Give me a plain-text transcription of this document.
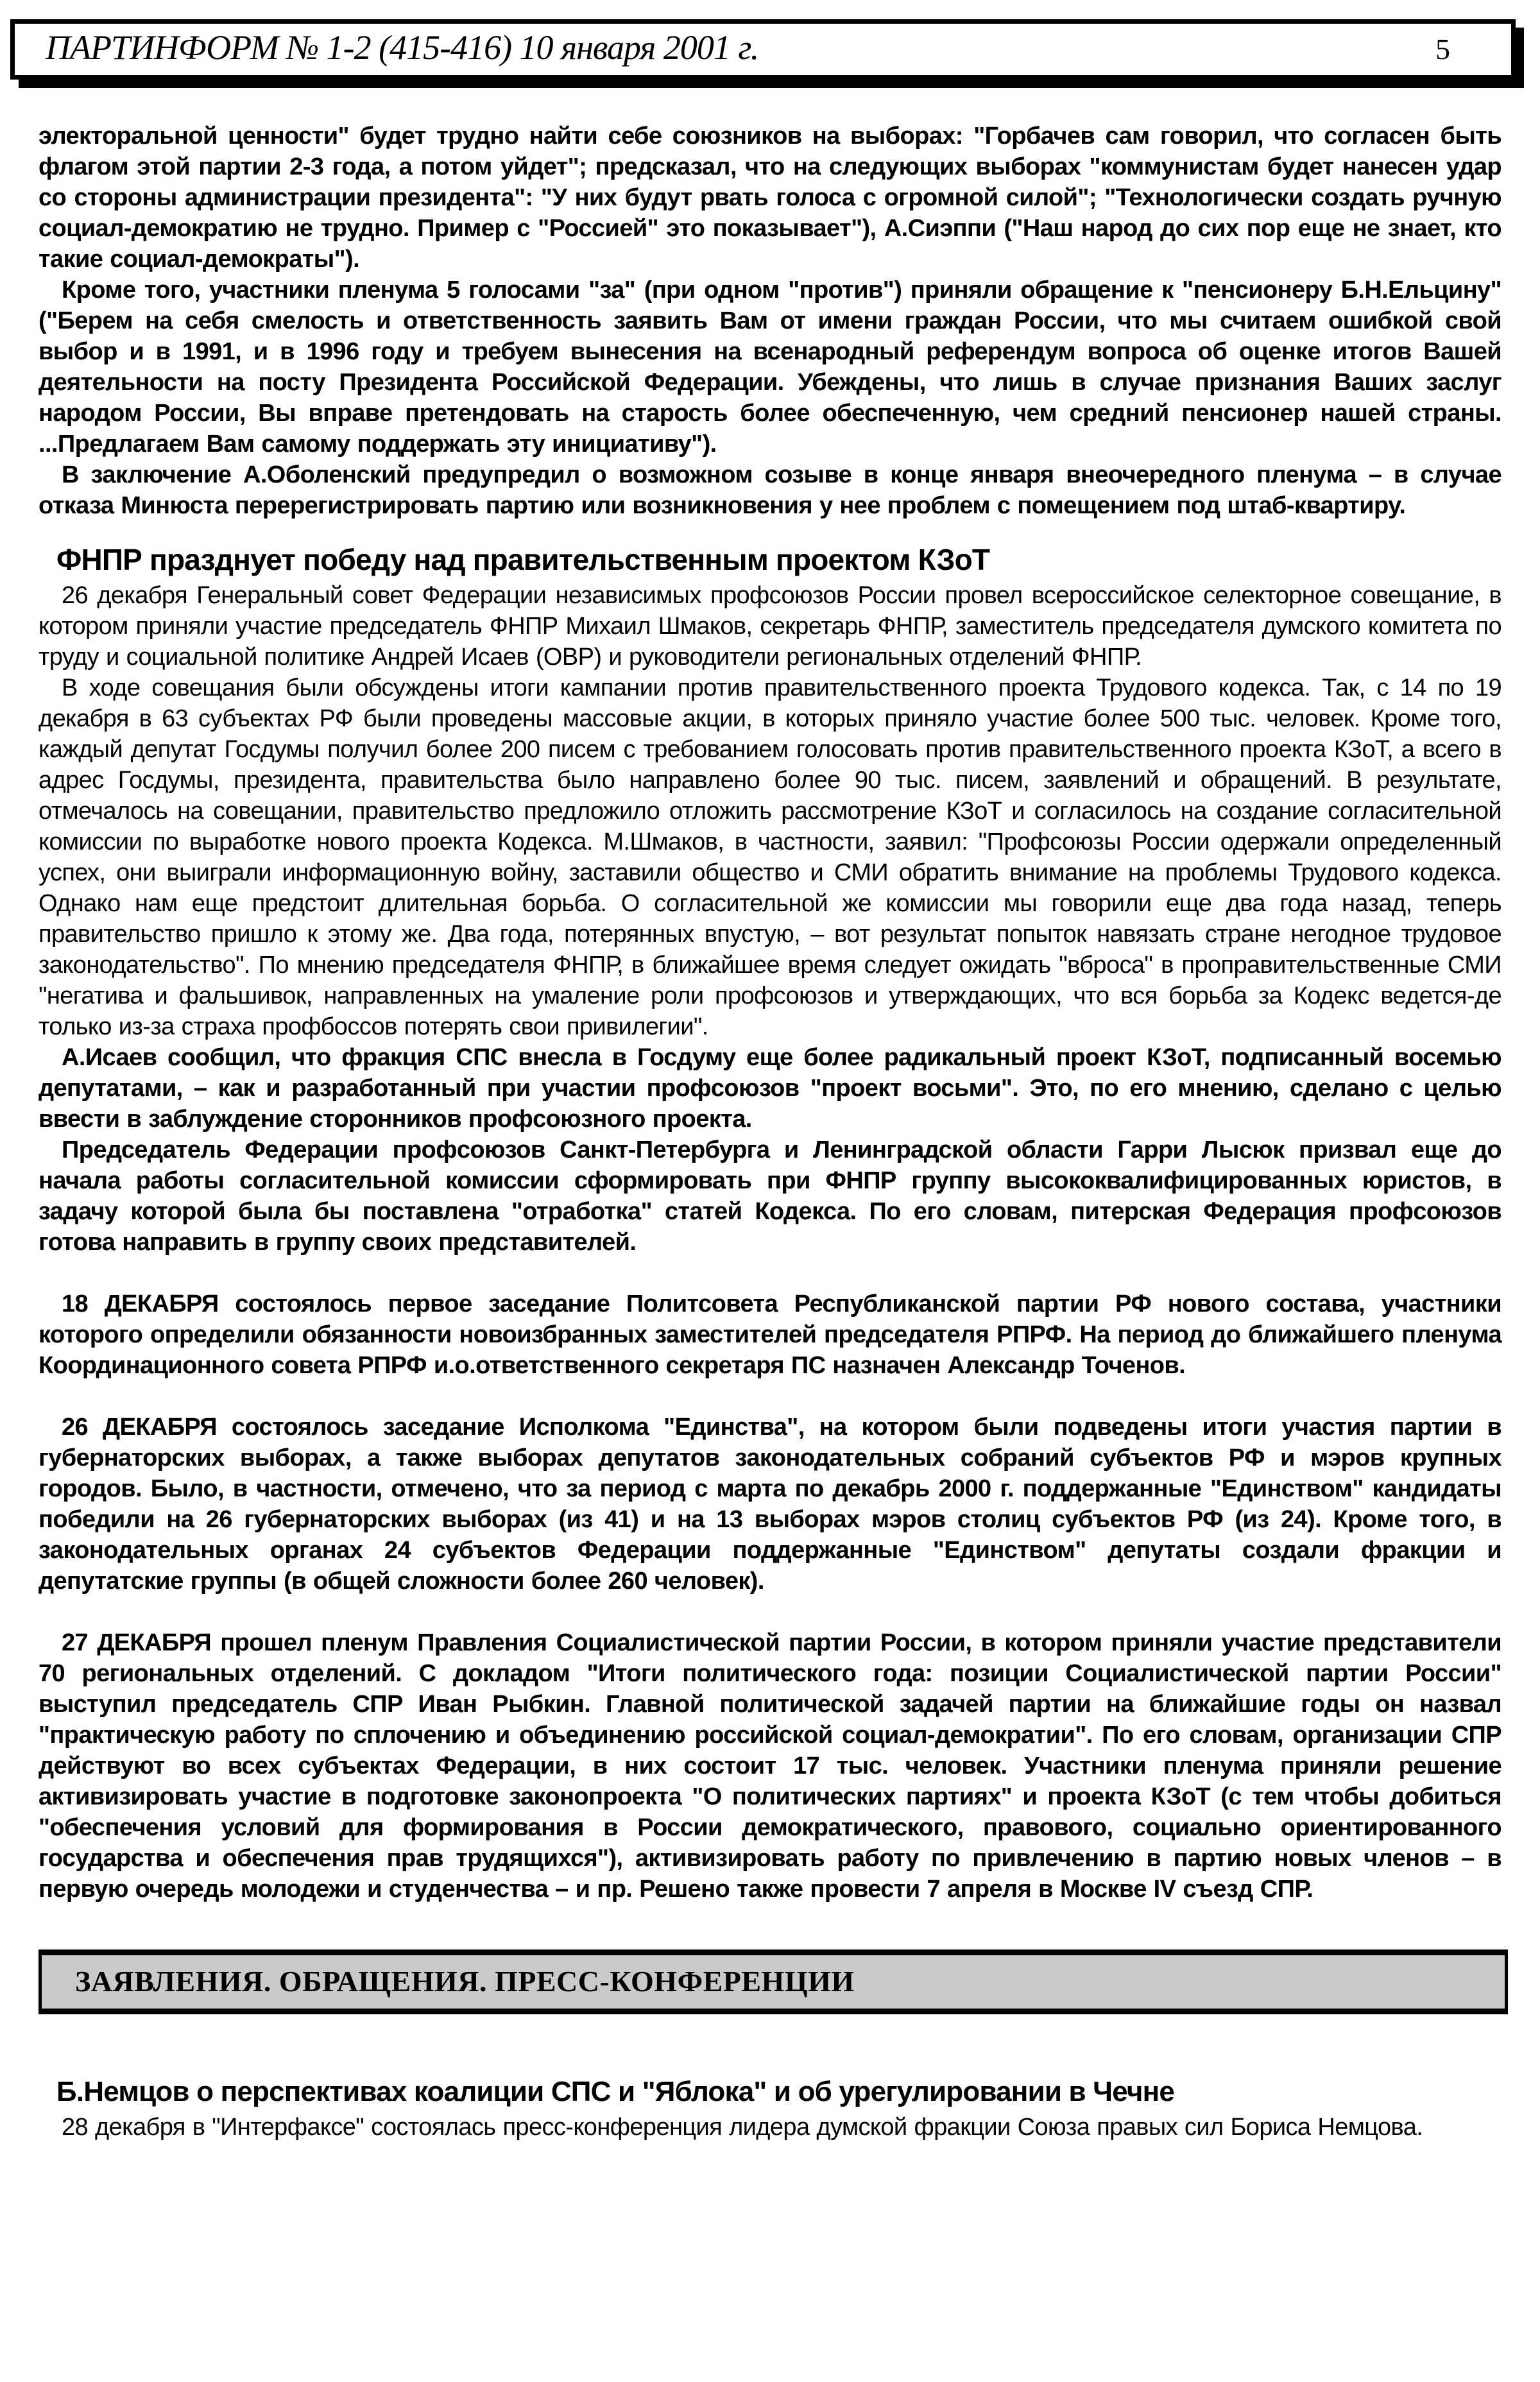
ПАРТИНФОРМ № 1-2 (415-416) 10 января 2001 г.	5

электоральной ценности" будет трудно найти себе союзников на выборах: "Горбачев сам говорил, что согласен быть флагом этой партии 2-3 года, а потом уйдет"; предсказал, что на следующих выборах "коммунистам будет нанесен удар со стороны администрации президента": "У них будут рвать голоса с огромной силой"; "Технологически создать ручную социал-демократию не трудно. Пример с "Россией" это показывает"), А.Сиэппи ("Наш народ до сих пор еще не знает, кто такие социал-демократы").

Кроме того, участники пленума 5 голосами "за" (при одном "против") приняли обращение к "пенсионеру Б.Н.Ельцину" ("Берем на себя смелость и ответственность заявить Вам от имени граждан России, что мы считаем ошибкой свой выбор и в 1991, и в 1996 году и требуем вынесения на всенародный референдум вопроса об оценке итогов Вашей деятельности на посту Президента Российской Федерации. Убеждены, что лишь в случае признания Ваших заслуг народом России, Вы вправе претендовать на старость более обеспеченную, чем средний пенсионер нашей страны. ...Предлагаем Вам самому поддержать эту инициативу").

В заключение А.Оболенский предупредил о возможном созыве в конце января внеочередного пленума – в случае отказа Минюста перерегистрировать партию или возникновения у нее проблем с помещением под штаб-квартиру.

ФНПР празднует победу над правительственным проектом КЗоТ

26 декабря Генеральный совет Федерации независимых профсоюзов России провел всероссийское селекторное совещание, в котором приняли участие председатель ФНПР Михаил Шмаков, секретарь ФНПР, заместитель председателя думского комитета по труду и социальной политике Андрей Исаев (ОВР) и руководители региональных отделений ФНПР.

В ходе совещания были обсуждены итоги кампании против правительственного проекта Трудового кодекса. Так, с 14 по 19 декабря в 63 субъектах РФ были проведены массовые акции, в которых приняло участие более 500 тыс. человек. Кроме того, каждый депутат Госдумы получил более 200 писем с требованием голосовать против правительственного проекта КЗоТ, а всего в адрес Госдумы, президента, правительства было направлено более 90 тыс. писем, заявлений и обращений. В результате, отмечалось на совещании, правительство предложило отложить рассмотрение КЗоТ и согласилось на создание согласительной комиссии по выработке нового проекта Кодекса. М.Шмаков, в частности, заявил: "Профсоюзы России одержали определенный успех, они выиграли информационную войну, заставили общество и СМИ обратить внимание на проблемы Трудового кодекса. Однако нам еще предстоит длительная борьба. О согласительной же комиссии мы говорили еще два года назад, теперь правительство пришло к этому же. Два года, потерянных впустую, – вот результат попыток навязать стране негодное трудовое законодательство". По мнению председателя ФНПР, в ближайшее время следует ожидать "вброса" в проправительственные СМИ "негатива и фальшивок, направленных на умаление роли профсоюзов и утверждающих, что вся борьба за Кодекс ведется-де только из-за страха профбоссов потерять свои привилегии".

А.Исаев сообщил, что фракция СПС внесла в Госдуму еще более радикальный проект КЗоТ, подписанный восемью депутатами, – как и разработанный при участии профсоюзов "проект восьми". Это, по его мнению, сделано с целью ввести в заблуждение сторонников профсоюзного проекта.

Председатель Федерации профсоюзов Санкт-Петербурга и Ленинградской области Гарри Лысюк призвал еще до начала работы согласительной комиссии сформировать при ФНПР группу высококвалифицированных юристов, в задачу которой была бы поставлена "отработка" статей Кодекса. По его словам, питерская Федерация профсоюзов готова направить в группу своих представителей.

18 ДЕКАБРЯ состоялось первое заседание Политсовета Республиканской партии РФ нового состава, участники которого определили обязанности новоизбранных заместителей председателя РПРФ. На период до ближайшего пленума Координационного совета РПРФ и.о.ответственного секретаря ПС назначен Александр Точенов.

26 ДЕКАБРЯ состоялось заседание Исполкома "Единства", на котором были подведены итоги участия партии в губернаторских выборах, а также выборах депутатов законодательных собраний субъектов РФ и мэров крупных городов. Было, в частности, отмечено, что за период с марта по декабрь 2000 г. поддержанные "Единством" кандидаты победили на 26 губернаторских выборах (из 41) и на 13 выборах мэров столиц субъектов РФ (из 24). Кроме того, в законодательных органах 24 субъектов Федерации поддержанные "Единством" депутаты создали фракции и депутатские группы (в общей сложности более 260 человек).

27 ДЕКАБРЯ прошел пленум Правления Социалистической партии России, в котором приняли участие представители 70 региональных отделений. С докладом "Итоги политического года: позиции Социалистической партии России" выступил председатель СПР Иван Рыбкин. Главной политической задачей партии на ближайшие годы он назвал "практическую работу по сплочению и объединению российской социал-демократии". По его словам, организации СПР действуют во всех субъектах Федерации, в них состоит 17 тыс. человек. Участники пленума приняли решение активизировать участие в подготовке законопроекта "О политических партиях" и проекта КЗоТ (с тем чтобы добиться "обеспечения условий для формирования в России демократического, правового, социально ориентированного государства и обеспечения прав трудящихся"), активизировать работу по привлечению в партию новых членов – в первую очередь молодежи и студенчества – и пр. Решено также провести 7 апреля в Москве IV съезд СПР.

ЗАЯВЛЕНИЯ. ОБРАЩЕНИЯ. ПРЕСС-КОНФЕРЕНЦИИ
Б.Немцов о перспективах коалиции СПС и "Яблока" и об урегулировании в Чечне

28 декабря в "Интерфаксе" состоялась пресс-конференция лидера думской фракции Союза правых сил Бориса Немцова.
